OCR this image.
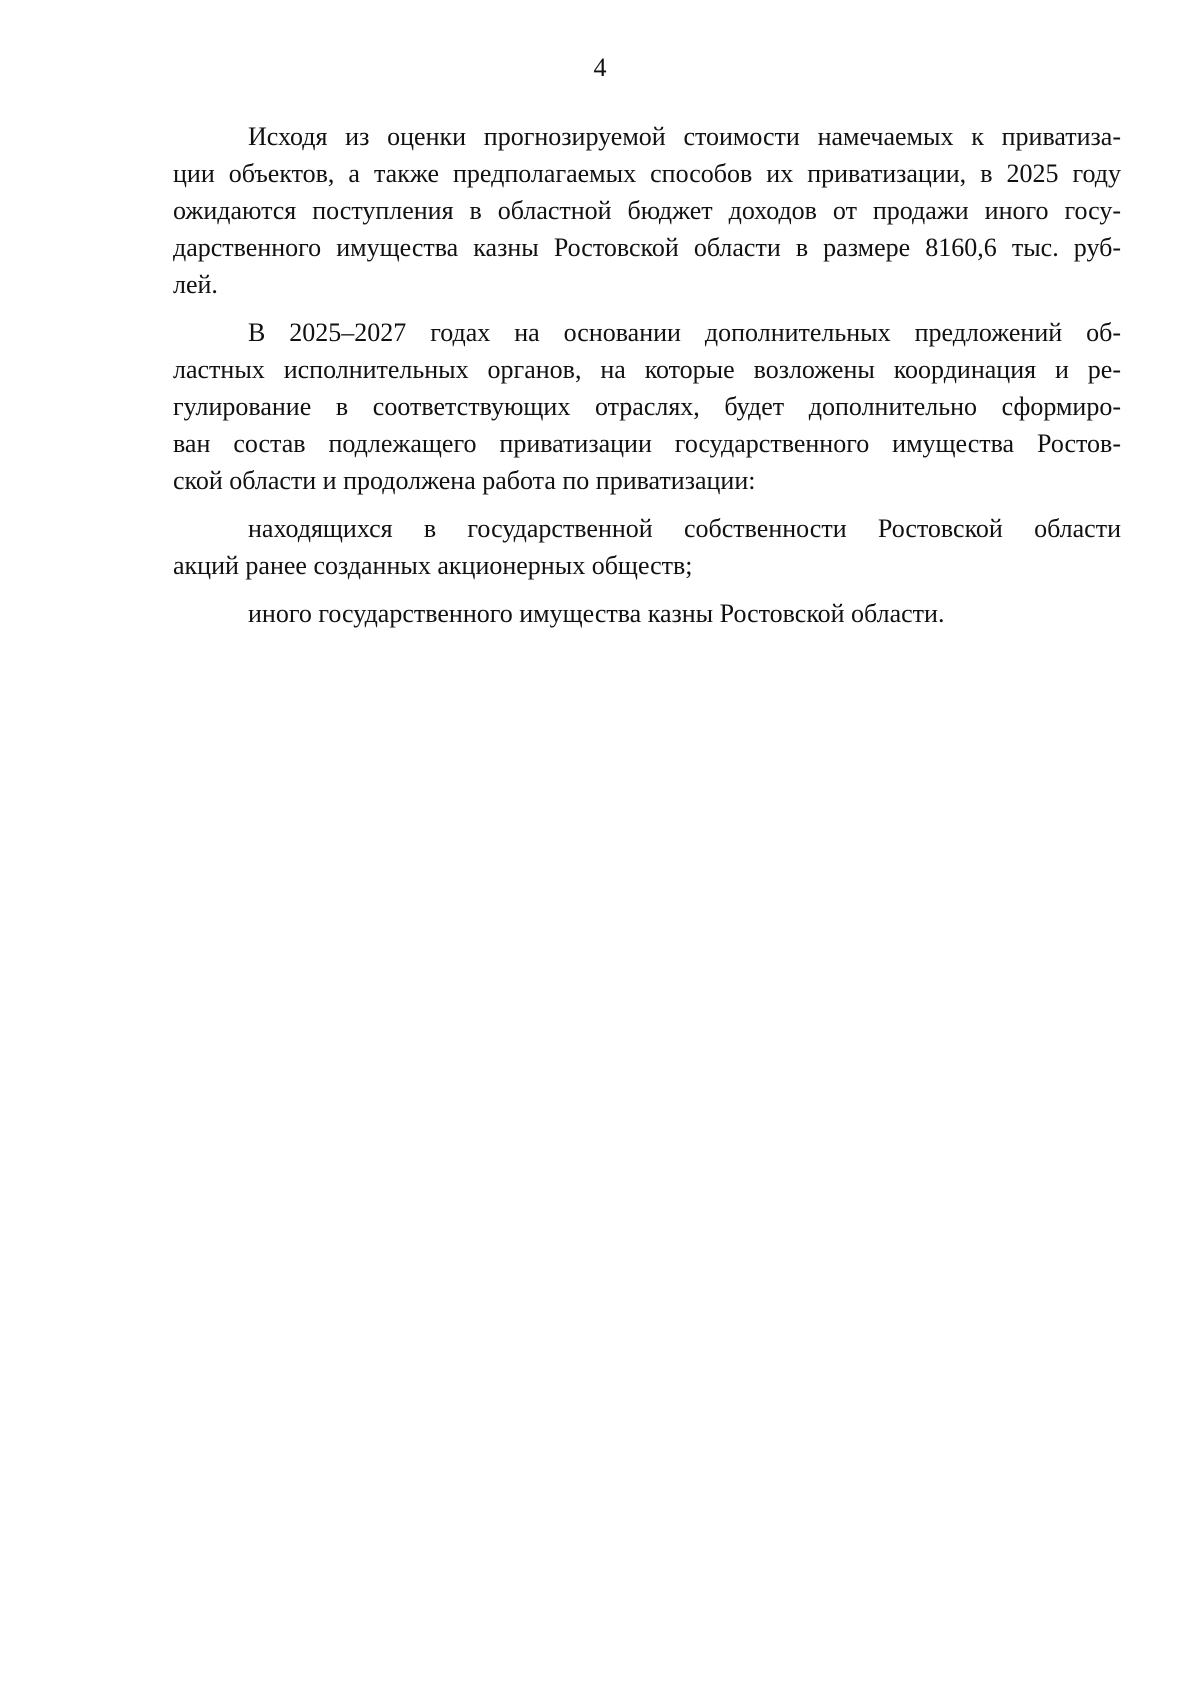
4

Исходя из оценки прогнозируемой стоимости намечаемых к приватиза-
ции объектов, а также предполагаемых способов их приватизации, в 2025 году
ожидаются поступления в областной бюджет доходов от продажи иного госу-
дарственного имущества казны Ростовской области в размере 8160,6 тыс. руб-
лей.

В 2025–2027 годах на основании дополнительных предложений об-
ластных исполнительных органов, на которые возложены координация и ре-
гулирование в соответствующих отраслях, будет дополнительно сформиро-
ван состав подлежащего приватизации государственного имущества Ростов-
ской области и продолжена работа по приватизации:

находящихся в государственной собственности Ростовской области
акций ранее созданных акционерных обществ;

иного государственного имущества казны Ростовской области.
